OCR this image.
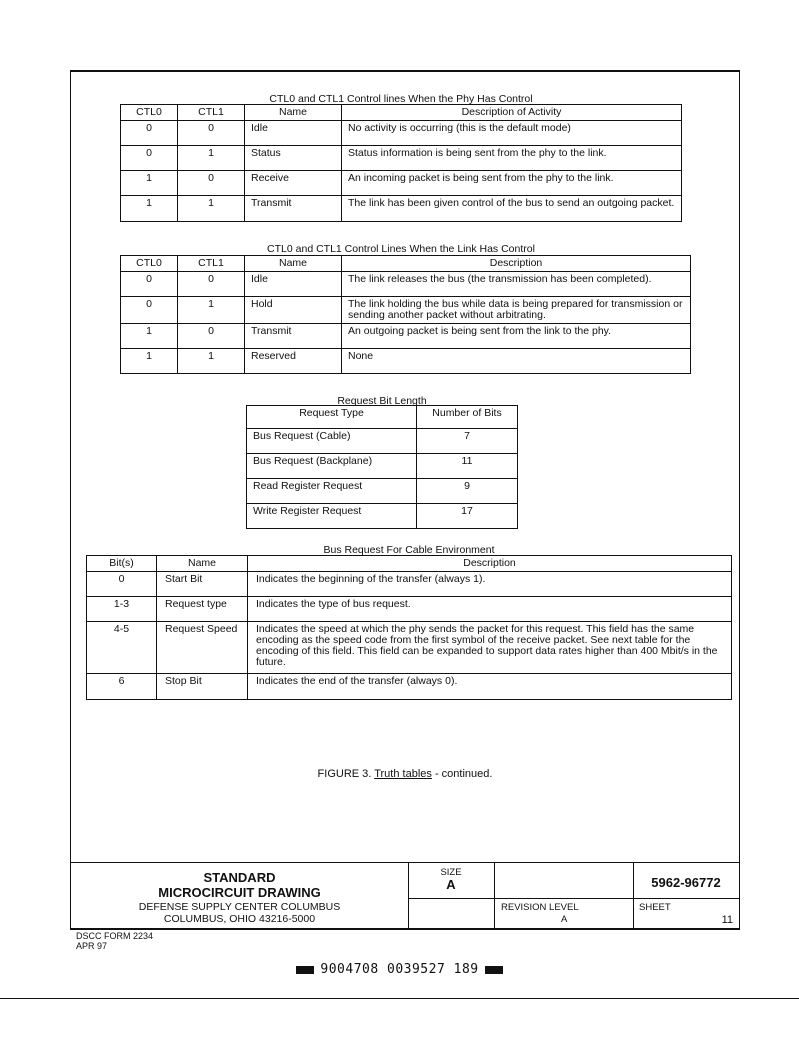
CTL0 and CTL1 Control lines When the Phy Has Control
CTL0	CTL1	Name	Description of Activity
0	0	Idle	No activity is occurring (this is the default mode)
0	1	Status	Status information is being sent from the phy to the link.
1	0	Receive	An incoming packet is being sent from the phy to the link.
1	1	Transmit	The link has been given control of the bus to send an outgoing packet.
CTL0 and CTL1 Control Lines When the Link Has Control
CTL0	CTL1	Name	Description
0	0	Idle	The link releases the bus (the transmission has been completed).
0	1	Hold	The link holding the bus while data is being prepared for transmission or sending another packet without arbitrating.
1	0	Transmit	An outgoing packet is being sent from the link to the phy.
1	1	Reserved	None
Request Bit Length
Request Type	Number of Bits
Bus Request (Cable)	7
Bus Request (Backplane)	11
Read Register Request	9
Write Register Request	17
Bus Request For Cable Environment
Bit(s)	Name	Description
0	Start Bit	Indicates the beginning of the transfer (always 1).
1-3	Request type	Indicates the type of bus request.
4-5	Request Speed	Indicates the speed at which the phy sends the packet for this request. This field has the same encoding as the speed code from the first symbol of the receive packet. See next table for the encoding of this field. This field can be expanded to support data rates higher than 400 Mbit/s in the future.
6	Stop Bit	Indicates the end of the transfer (always 0).
FIGURE 3. Truth tables - continued.
STANDARD
MICROCIRCUIT DRAWING
DEFENSE SUPPLY CENTER COLUMBUS
COLUMBUS, OHIO 43216-5000
SIZE
A	5962-96772
REVISION LEVEL
A
SHEET
11
DSCC FORM 2234
APR 97
9004708 0039527 189
